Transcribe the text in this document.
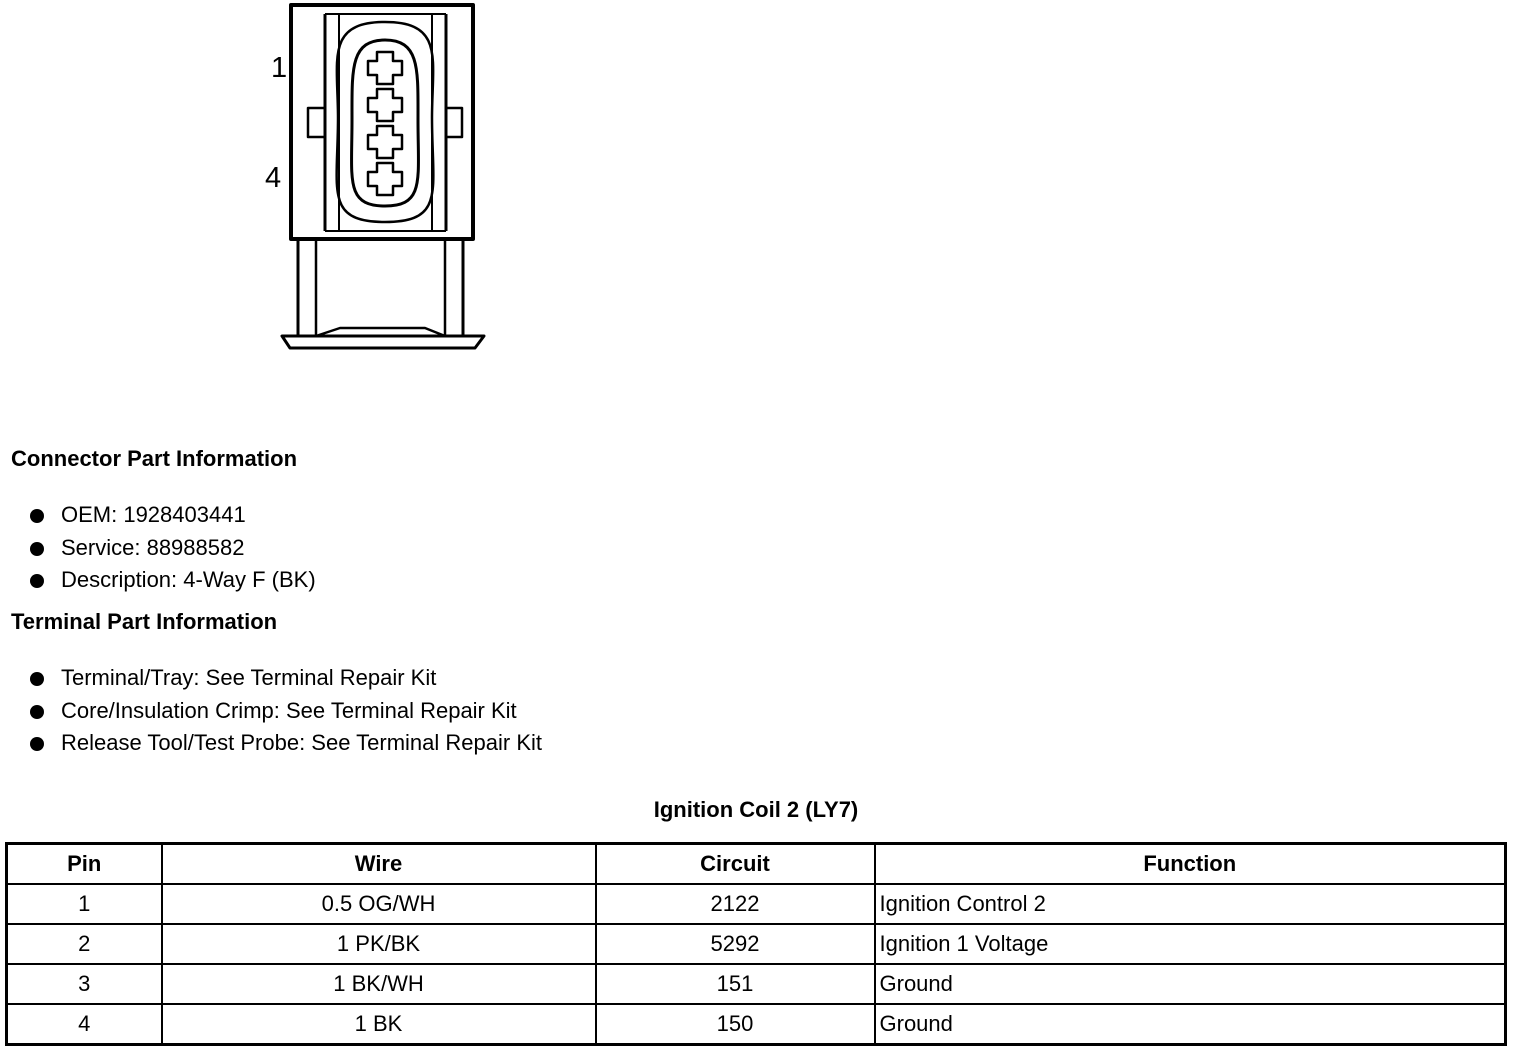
1
4
Connector Part Information
OEM: 1928403441
Service: 88988582
Description: 4-Way F (BK)
Terminal Part Information
Terminal/Tray: See Terminal Repair Kit
Core/Insulation Crimp: See Terminal Repair Kit
Release Tool/Test Probe: See Terminal Repair Kit
Ignition Coil 2 (LY7)
Pin	Wire	Circuit	Function
1	0.5 OG/WH	2122	Ignition Control 2
2	1 PK/BK	5292	Ignition 1 Voltage
3	1 BK/WH	151	Ground
4	1 BK	150	Ground
